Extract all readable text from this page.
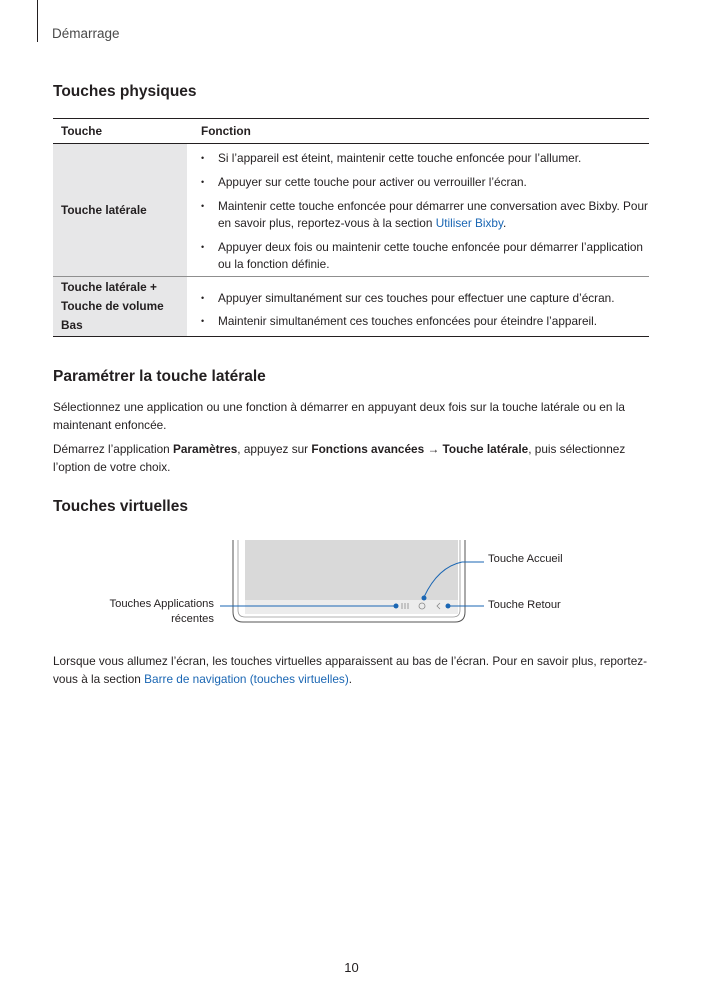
Démarrage
Touches physiques
Touche	Fonction
Touche latérale
• Si l’appareil est éteint, maintenir cette touche enfoncée pour l’allumer.
• Appuyer sur cette touche pour activer ou verrouiller l’écran.
• Maintenir cette touche enfoncée pour démarrer une conversation avec Bixby. Pour en savoir plus, reportez-vous à la section Utiliser Bixby.
• Appuyer deux fois ou maintenir cette touche enfoncée pour démarrer l’application ou la fonction définie.
Touche latérale +
Touche de volume
Bas
• Appuyer simultanément sur ces touches pour effectuer une capture d’écran.
• Maintenir simultanément ces touches enfoncées pour éteindre l’appareil.
Paramétrer la touche latérale

Sélectionnez une application ou une fonction à démarrer en appuyant deux fois sur la touche latérale ou en la maintenant enfoncée.

Démarrez l’application Paramètres, appuyez sur Fonctions avancées → Touche latérale, puis sélectionnez l’option de votre choix.

Touches virtuelles
Touche Accueil
Touche Retour
Touches Applications
récentes

Lorsque vous allumez l’écran, les touches virtuelles apparaissent au bas de l’écran. Pour en savoir plus, reportez-vous à la section Barre de navigation (touches virtuelles).

10
